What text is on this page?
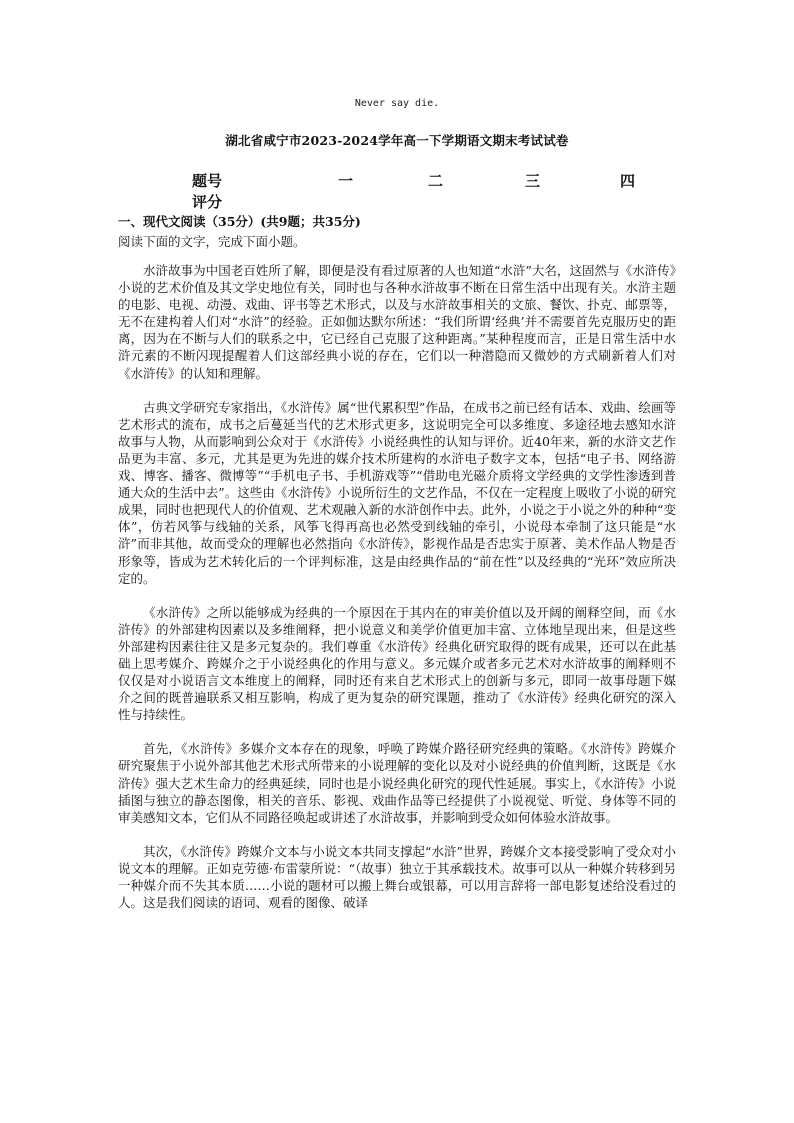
Never say die.
湖北省咸宁市2023-2024学年高一下学期语文期末考试试卷
题号	一	二	三	四
评分
一、现代文阅读（35分）(共9题；共35分)
阅读下面的文字，完成下面小题。

水浒故事为中国老百姓所了解，即便是没有看过原著的人也知道“水浒”大名，这固然与《水浒传》小说的艺术价值及其文学史地位有关，同时也与各种水浒故事不断在日常生活中出现有关。水浒主题的电影、电视、动漫、戏曲、评书等艺术形式，以及与水浒故事相关的文旅、餐饮、扑克、邮票等，无不在建构着人们对“水浒”的经验。正如伽达默尔所述：“我们所谓‘经典’并不需要首先克服历史的距离，因为在不断与人们的联系之中，它已经自己克服了这种距离。”某种程度而言，正是日常生活中水浒元素的不断闪现提醒着人们这部经典小说的存在，它们以一种潜隐而又微妙的方式刷新着人们对《水浒传》的认知和理解。

古典文学研究专家指出，《水浒传》属“世代累积型”作品，在成书之前已经有话本、戏曲、绘画等艺术形式的流布，成书之后蔓延当代的艺术形式更多，这说明完全可以多维度、多途径地去感知水浒故事与人物，从而影响到公众对于《水浒传》小说经典性的认知与评价。近40年来，新的水浒文艺作品更为丰富、多元，尤其是更为先进的媒介技术所建构的水浒电子数字文本，包括“电子书、网络游戏、博客、播客、微博等”“手机电子书、手机游戏等”“借助电光磁介质将文学经典的文学性渗透到普通大众的生活中去”。这些由《水浒传》小说所衍生的文艺作品，不仅在一定程度上吸收了小说的研究成果，同时也把现代人的价值观、艺术观融入新的水浒创作中去。此外，小说之于小说之外的种种“变体”，仿若风筝与线轴的关系，风筝飞得再高也必然受到线轴的牵引，小说母本牵制了这只能是“水浒”而非其他，故而受众的理解也必然指向《水浒传》，影视作品是否忠实于原著、美术作品人物是否形象等，皆成为艺术转化后的一个评判标准，这是由经典作品的“前在性”以及经典的“光环”效应所决定的。

《水浒传》之所以能够成为经典的一个原因在于其内在的审美价值以及开阔的阐释空间，而《水浒传》的外部建构因素以及多维阐释，把小说意义和美学价值更加丰富、立体地呈现出来，但是这些外部建构因素往往又是多元复杂的。我们尊重《水浒传》经典化研究取得的既有成果，还可以在此基础上思考媒介、跨媒介之于小说经典化的作用与意义。多元媒介或者多元艺术对水浒故事的阐释则不仅仅是对小说语言文本维度上的阐释，同时还有来自艺术形式上的创新与多元，即同一故事母题下媒介之间的既普遍联系又相互影响，构成了更为复杂的研究课题，推动了《水浒传》经典化研究的深入性与持续性。

首先，《水浒传》多媒介文本存在的现象，呼唤了跨媒介路径研究经典的策略。《水浒传》跨媒介研究聚焦于小说外部其他艺术形式所带来的小说理解的变化以及对小说经典的价值判断，这既是《水浒传》强大艺术生命力的经典延续，同时也是小说经典化研究的现代性延展。事实上，《水浒传》小说插图与独立的静态图像，相关的音乐、影视、戏曲作品等已经提供了小说视觉、听觉、身体等不同的审美感知文本，它们从不同路径唤起或讲述了水浒故事，并影响到受众如何体验水浒故事。

其次，《水浒传》跨媒介文本与小说文本共同支撑起“水浒”世界，跨媒介文本接受影响了受众对小说文本的理解。正如克劳德·布雷蒙所说：“（故事）独立于其承载技术。故事可以从一种媒介转移到另一种媒介而不失其本质……小说的题材可以搬上舞台或银幕，可以用言辞将一部电影复述给没看过的人。这是我们阅读的语词、观看的图像、破译
